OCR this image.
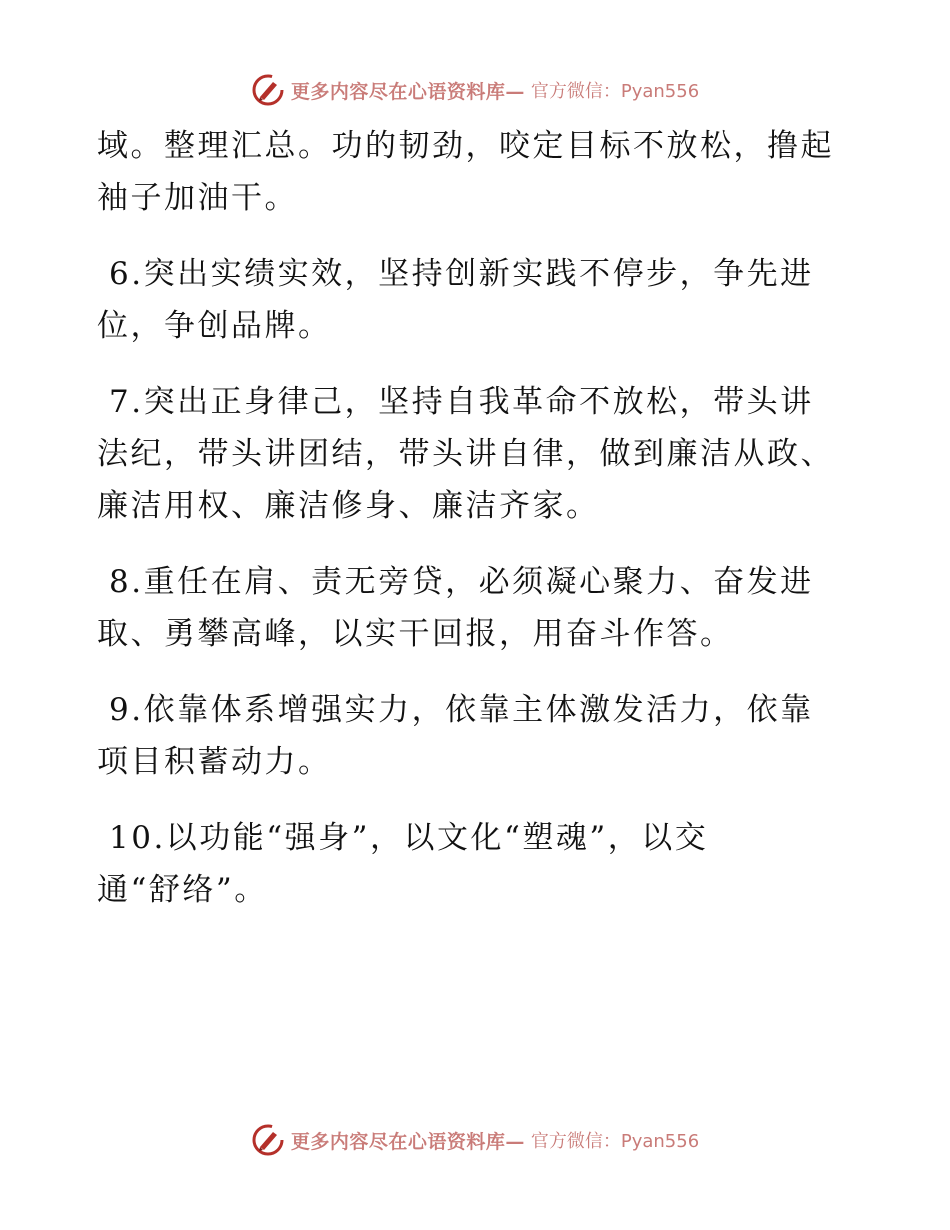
更多内容尽在心语资料库— 官方微信：Pyan556
域。整理汇总。功的韧劲，咬定目标不放松，撸起
袖子加油干。
6.突出实绩实效，坚持创新实践不停步，争先进
位，争创品牌。
7.突出正身律己，坚持自我革命不放松，带头讲
法纪，带头讲团结，带头讲自律，做到廉洁从政、
廉洁用权、廉洁修身、廉洁齐家。
8.重任在肩、责无旁贷，必须凝心聚力、奋发进
取、勇攀高峰，以实干回报，用奋斗作答。
9.依靠体系增强实力，依靠主体激发活力，依靠
项目积蓄动力。
10.以功能“强身”，以文化“塑魂”，以交
通“舒络”。
更多内容尽在心语资料库— 官方微信：Pyan556
